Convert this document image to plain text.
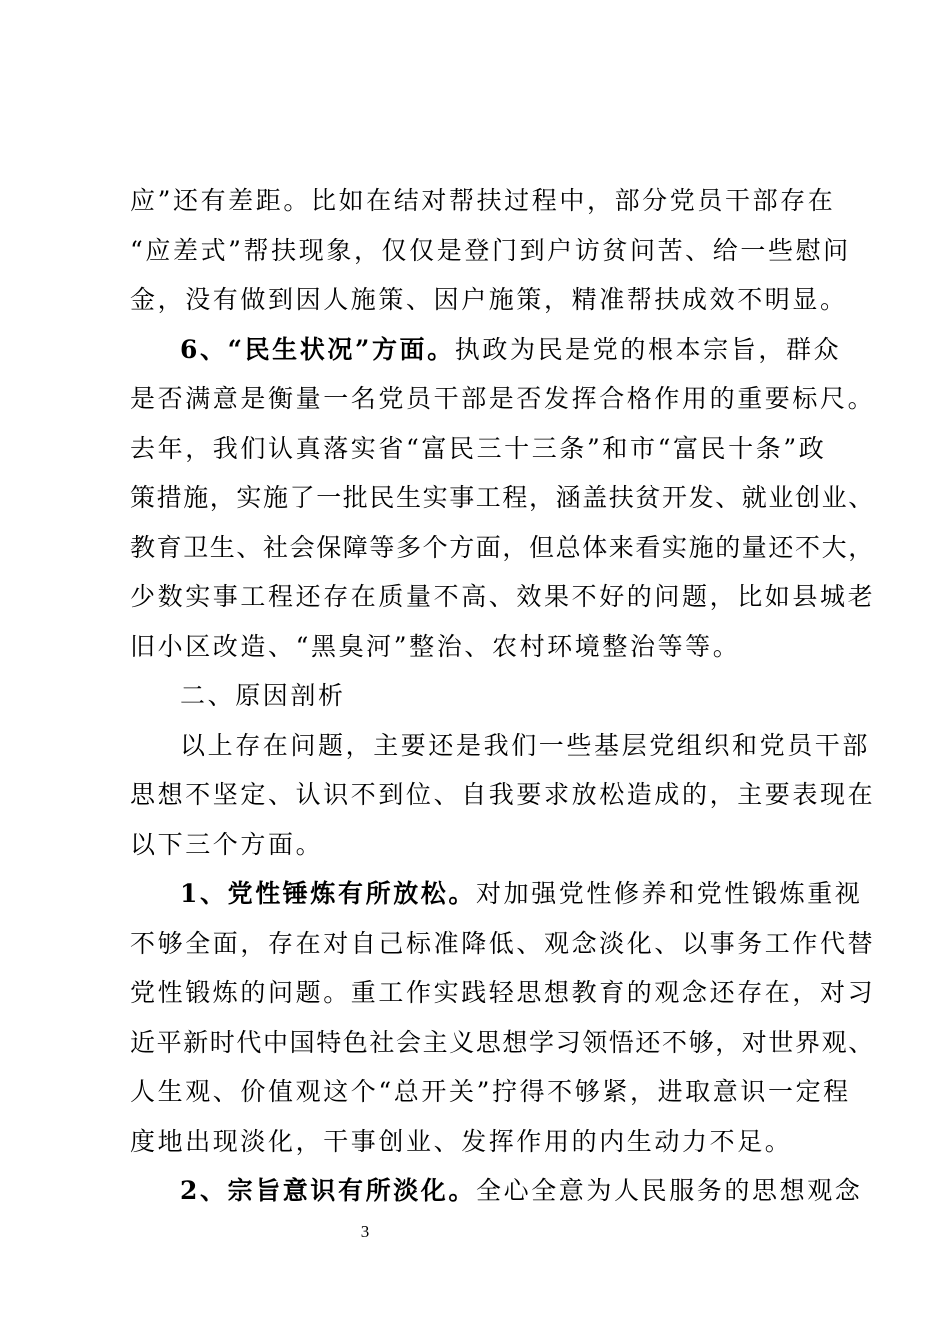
应”还有差距。比如在结对帮扶过程中，部分党员干部存在
“应差式”帮扶现象，仅仅是登门到户访贫问苦、给一些慰问
金，没有做到因人施策、因户施策，精准帮扶成效不明显。
6、“民生状况”方面。执政为民是党的根本宗旨，群众
是否满意是衡量一名党员干部是否发挥合格作用的重要标尺。
去年，我们认真落实省“富民三十三条”和市“富民十条”政
策措施，实施了一批民生实事工程，涵盖扶贫开发、就业创业、
教育卫生、社会保障等多个方面，但总体来看实施的量还不大，
少数实事工程还存在质量不高、效果不好的问题，比如县城老
旧小区改造、“黑臭河”整治、农村环境整治等等。
二、原因剖析
以上存在问题，主要还是我们一些基层党组织和党员干部
思想不坚定、认识不到位、自我要求放松造成的，主要表现在
以下三个方面。
1、党性锤炼有所放松。对加强党性修养和党性锻炼重视
不够全面，存在对自己标准降低、观念淡化、以事务工作代替
党性锻炼的问题。重工作实践轻思想教育的观念还存在，对习
近平新时代中国特色社会主义思想学习领悟还不够，对世界观、
人生观、价值观这个“总开关”拧得不够紧，进取意识一定程
度地出现淡化，干事创业、发挥作用的内生动力不足。
2、宗旨意识有所淡化。全心全意为人民服务的思想观念
3
